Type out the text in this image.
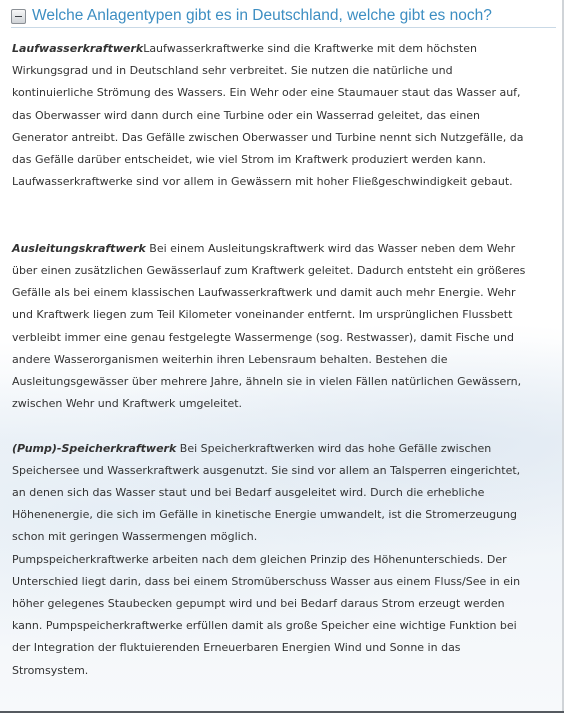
Welche Anlagentypen gibt es in Deutschland, welche gibt es noch?

LaufwasserkraftwerkLaufwasserkraftwerke sind die Kraftwerke mit dem höchsten Wirkungsgrad und in Deutschland sehr verbreitet. Sie nutzen die natürliche und kontinuierliche Strömung des Wassers. Ein Wehr oder eine Staumauer staut das Wasser auf, das Oberwasser wird dann durch eine Turbine oder ein Wasserrad geleitet, das einen Generator antreibt. Das Gefälle zwischen Oberwasser und Turbine nennt sich Nutzgefälle, da das Gefälle darüber entscheidet, wie viel Strom im Kraftwerk produziert werden kann.

Laufwasserkraftwerke sind vor allem in Gewässern mit hoher Fließgeschwindigkeit gebaut.

Ausleitungskraftwerk Bei einem Ausleitungskraftwerk wird das Wasser neben dem Wehr über einen zusätzlichen Gewässerlauf zum Kraftwerk geleitet. Dadurch entsteht ein größeres Gefälle als bei einem klassischen Laufwasserkraftwerk und damit auch mehr Energie. Wehr und Kraftwerk liegen zum Teil Kilometer voneinander entfernt. Im ursprünglichen Flussbett verbleibt immer eine genau festgelegte Wassermenge (sog. Restwasser), damit Fische und andere Wasserorganismen weiterhin ihren Lebensraum behalten. Bestehen die Ausleitungsgewässer über mehrere Jahre, ähneln sie in vielen Fällen natürlichen Gewässern, zwischen Wehr und Kraftwerk umgeleitet.

(Pump)-Speicherkraftwerk Bei Speicherkraftwerken wird das hohe Gefälle zwischen Speichersee und Wasserkraftwerk ausgenutzt. Sie sind vor allem an Talsperren eingerichtet, an denen sich das Wasser staut und bei Bedarf ausgeleitet wird. Durch die erhebliche Höhenenergie, die sich im Gefälle in kinetische Energie umwandelt, ist die Stromerzeugung schon mit geringen Wassermengen möglich.

Pumpspeicherkraftwerke arbeiten nach dem gleichen Prinzip des Höhenunterschieds. Der Unterschied liegt darin, dass bei einem Stromüberschuss Wasser aus einem Fluss/See in ein höher gelegenes Staubecken gepumpt wird und bei Bedarf daraus Strom erzeugt werden kann. Pumpspeicherkraftwerke erfüllen damit als große Speicher eine wichtige Funktion bei der Integration der fluktuierenden Erneuerbaren Energien Wind und Sonne in das Stromsystem.
